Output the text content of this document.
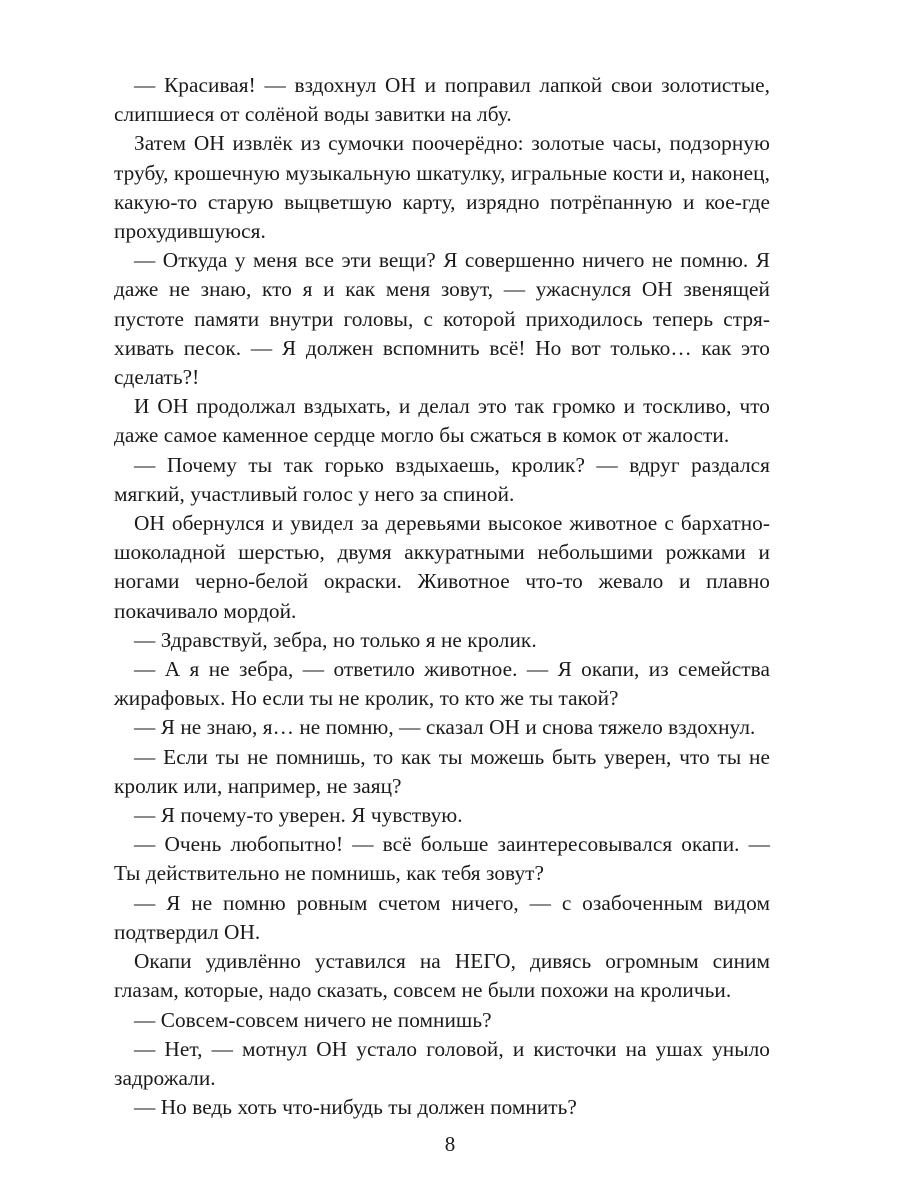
— Красивая! — вздохнул ОН и поправил лапкой свои золотистые, слипшиеся от солёной воды завитки на лбу.

Затем ОН извлёк из сумочки поочерёдно: золотые часы, подзорную трубу, крошечную музыкальную шкатулку, игральные кости и, наконец, какую-то старую выцветшую карту, изрядно потрёпанную и кое-где прохудившуюся.

— Откуда у меня все эти вещи? Я совершенно ничего не помню. Я даже не знаю, кто я и как меня зовут, — ужаснулся ОН звенящей пустоте памяти внутри головы, с которой приходилось теперь стряхивать песок. — Я должен вспомнить всё! Но вот только… как это сделать?!

И ОН продолжал вздыхать, и делал это так громко и тоскливо, что даже самое каменное сердце могло бы сжаться в комок от жалости.

— Почему ты так горько вздыхаешь, кролик? — вдруг раздался мягкий, участливый голос у него за спиной.

ОН обернулся и увидел за деревьями высокое животное с бархатно-шоколадной шерстью, двумя аккуратными небольшими рожками и ногами черно-белой окраски. Животное что-то жевало и плавно покачивало мордой.

— Здравствуй, зебра, но только я не кролик.

— А я не зебра, — ответило животное. — Я окапи, из семейства жирафовых. Но если ты не кролик, то кто же ты такой?

— Я не знаю, я… не помню, — сказал ОН и снова тяжело вздохнул.

— Если ты не помнишь, то как ты можешь быть уверен, что ты не кролик или, например, не заяц?

— Я почему-то уверен. Я чувствую.

— Очень любопытно! — всё больше заинтересовывался окапи. — Ты действительно не помнишь, как тебя зовут?

— Я не помню ровным счетом ничего, — с озабоченным видом подтвердил ОН.

Окапи удивлённо уставился на НЕГО, дивясь огромным синим глазам, которые, надо сказать, совсем не были похожи на кроличьи.

— Совсем-совсем ничего не помнишь?

— Нет, — мотнул ОН устало головой, и кисточки на ушах уныло задрожали.

— Но ведь хоть что-нибудь ты должен помнить?

8
